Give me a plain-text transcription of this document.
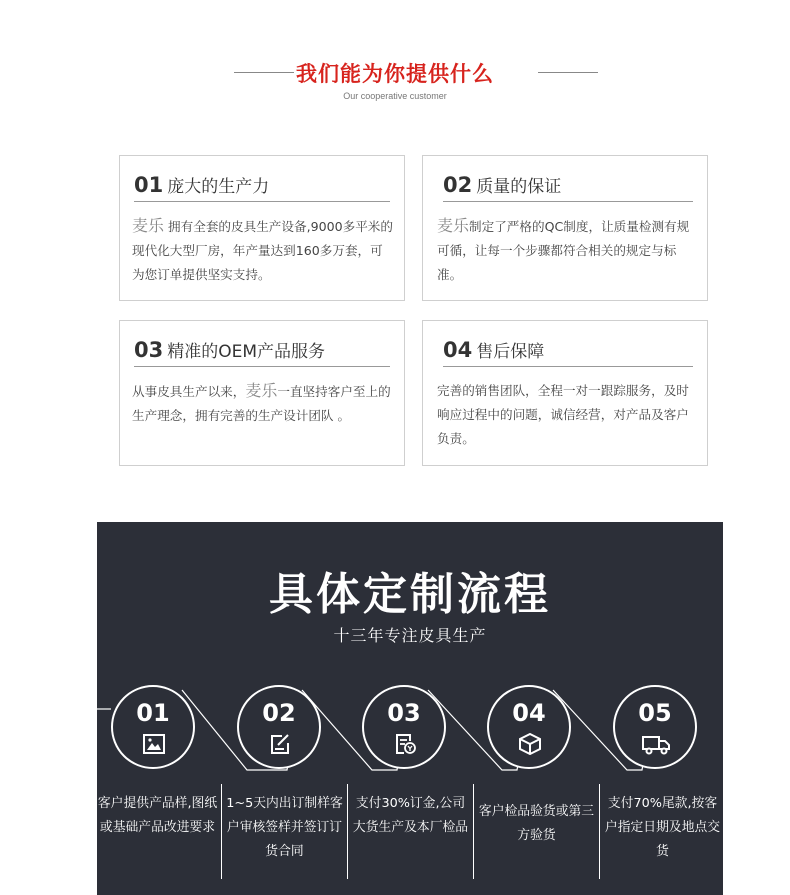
我们能为你提供什么
Our cooperative customer
01 庞大的生产力
麦乐 拥有全套的皮具生产设备,9000多平米的现代化大型厂房，年产量达到160多万套，可为您订单提供坚实支持。
02 质量的保证
麦乐制定了严格的QC制度，让质量检测有规可循，让每一个步骤都符合相关的规定与标准。
03 精准的OEM产品服务
从事皮具生产以来，麦乐一直坚持客户至上的生产理念，拥有完善的生产设计团队 。
04 售后保障
完善的销售团队，全程一对一跟踪服务，及时响应过程中的问题，诚信经营，对产品及客户负责。
具体定制流程
十三年专注皮具生产
01	02	03	04	05
客户提供产品样,图纸或基础产品改进要求
1~5天内出订制样客户审核签样并签订订货合同
支付30%订金,公司大货生产及本厂检品
客户检品验货或第三方验货
支付70%尾款,按客户指定日期及地点交货
